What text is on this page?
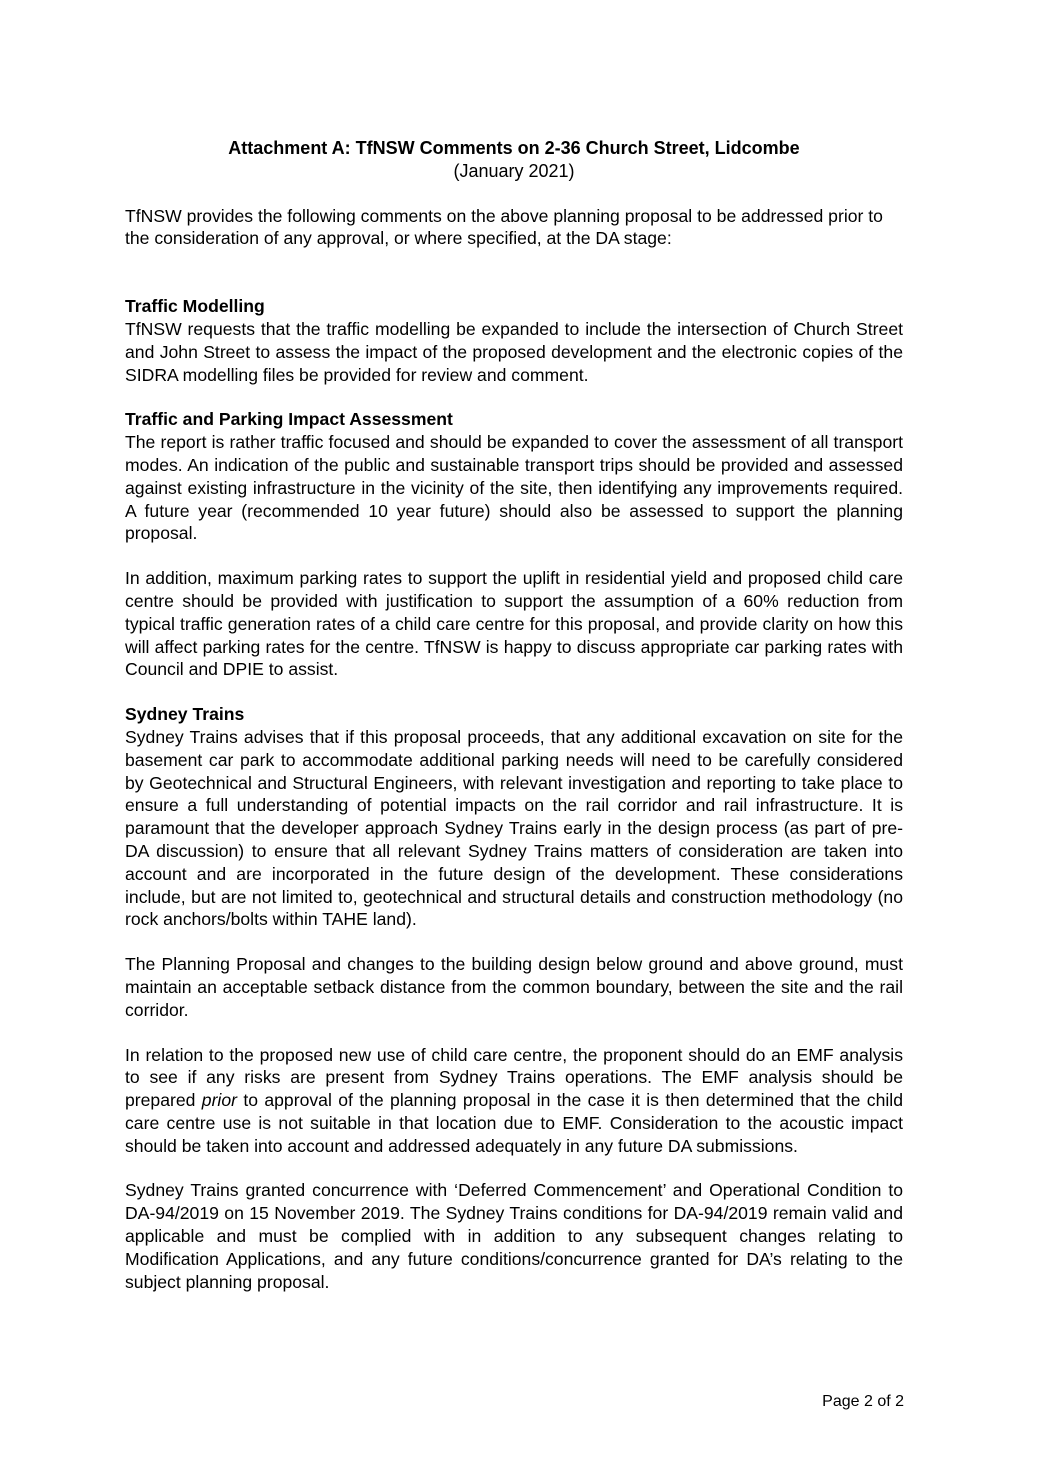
Attachment A: TfNSW Comments on 2-36 Church Street, Lidcombe
(January 2021)

TfNSW provides the following comments on the above planning proposal to be addressed prior to the consideration of any approval, or where specified, at the DA stage:

Traffic Modelling

TfNSW requests that the traffic modelling be expanded to include the intersection of Church Street and John Street to assess the impact of the proposed development and the electronic copies of the SIDRA modelling files be provided for review and comment.

Traffic and Parking Impact Assessment

The report is rather traffic focused and should be expanded to cover the assessment of all transport modes. An indication of the public and sustainable transport trips should be provided and assessed against existing infrastructure in the vicinity of the site, then identifying any improvements required. A future year (recommended 10 year future) should also be assessed to support the planning proposal.

In addition, maximum parking rates to support the uplift in residential yield and proposed child care centre should be provided with justification to support the assumption of a 60% reduction from typical traffic generation rates of a child care centre for this proposal, and provide clarity on how this will affect parking rates for the centre. TfNSW is happy to discuss appropriate car parking rates with Council and DPIE to assist.

Sydney Trains

Sydney Trains advises that if this proposal proceeds, that any additional excavation on site for the basement car park to accommodate additional parking needs will need to be carefully considered by Geotechnical and Structural Engineers, with relevant investigation and reporting to take place to ensure a full understanding of potential impacts on the rail corridor and rail infrastructure. It is paramount that the developer approach Sydney Trains early in the design process (as part of pre-DA discussion) to ensure that all relevant Sydney Trains matters of consideration are taken into account and are incorporated in the future design of the development. These considerations include, but are not limited to, geotechnical and structural details and construction methodology (no rock anchors/bolts within TAHE land).

The Planning Proposal and changes to the building design below ground and above ground, must maintain an acceptable setback distance from the common boundary, between the site and the rail corridor.

In relation to the proposed new use of child care centre, the proponent should do an EMF analysis to see if any risks are present from Sydney Trains operations. The EMF analysis should be prepared prior to approval of the planning proposal in the case it is then determined that the child care centre use is not suitable in that location due to EMF. Consideration to the acoustic impact should be taken into account and addressed adequately in any future DA submissions.

Sydney Trains granted concurrence with ‘Deferred Commencement’ and Operational Condition to DA-94/2019 on 15 November 2019. The Sydney Trains conditions for DA-94/2019 remain valid and applicable and must be complied with in addition to any subsequent changes relating to Modification Applications, and any future conditions/concurrence granted for DA’s relating to the subject planning proposal.

Page 2 of 2
